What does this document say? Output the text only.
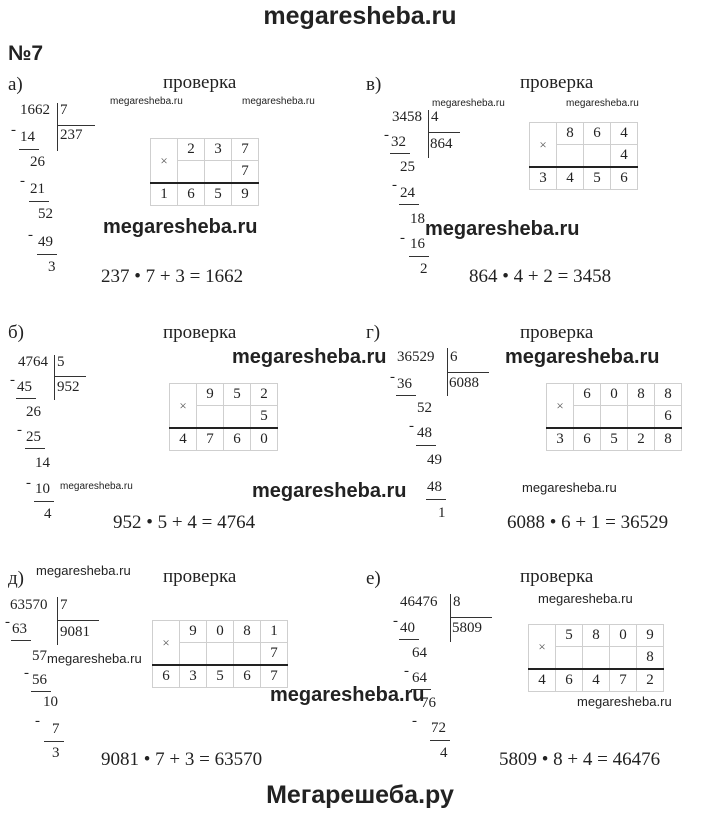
megaresheba.ru
Мегарешеба.ру
№7
а)	проверка
1662 7
237
- 14
26
- 21
52
- 49
3
×	2	3	7
			7
1	6	5	9
237 • 7 + 3 = 1662
в)	проверка
3458 4
864
- 32
25
- 24
18
- 16
2
×	8	6	4
			4
3	4	5	6
864 • 4 + 2 = 3458
б)	проверка
4764 5
952
- 45
26
- 25
14
- 10
4
×	9	5	2
			5
4	7	6	0
952 • 5 + 4 = 4764
г)	проверка
36529 6
6088
- 36
52
- 48
49
48
1
×	6	0	8	8
				6
3	6	5	2	8
6088 • 6 + 1 = 36529
д)	проверка
63570 7
9081
- 63
57
- 56
10
- 7
3
×	9	0	8	1
				7
6	3	5	6	7
9081 • 7 + 3 = 63570
е)	проверка
46476 8
5809
- 40
64
- 64
76
- 72
4
×	5	8	0	9
				8
4	6	4	7	2
5809 • 8 + 4 = 46476
megaresheba.ru	megaresheba.ru	megaresheba.ru	megaresheba.ru
megaresheba.ru	megaresheba.ru
megaresheba.ru	megaresheba.ru
megaresheba.ru	megaresheba.ru	megaresheba.ru
megaresheba.ru
megaresheba.ru
megaresheba.ru
megaresheba.ru	megaresheba.ru
